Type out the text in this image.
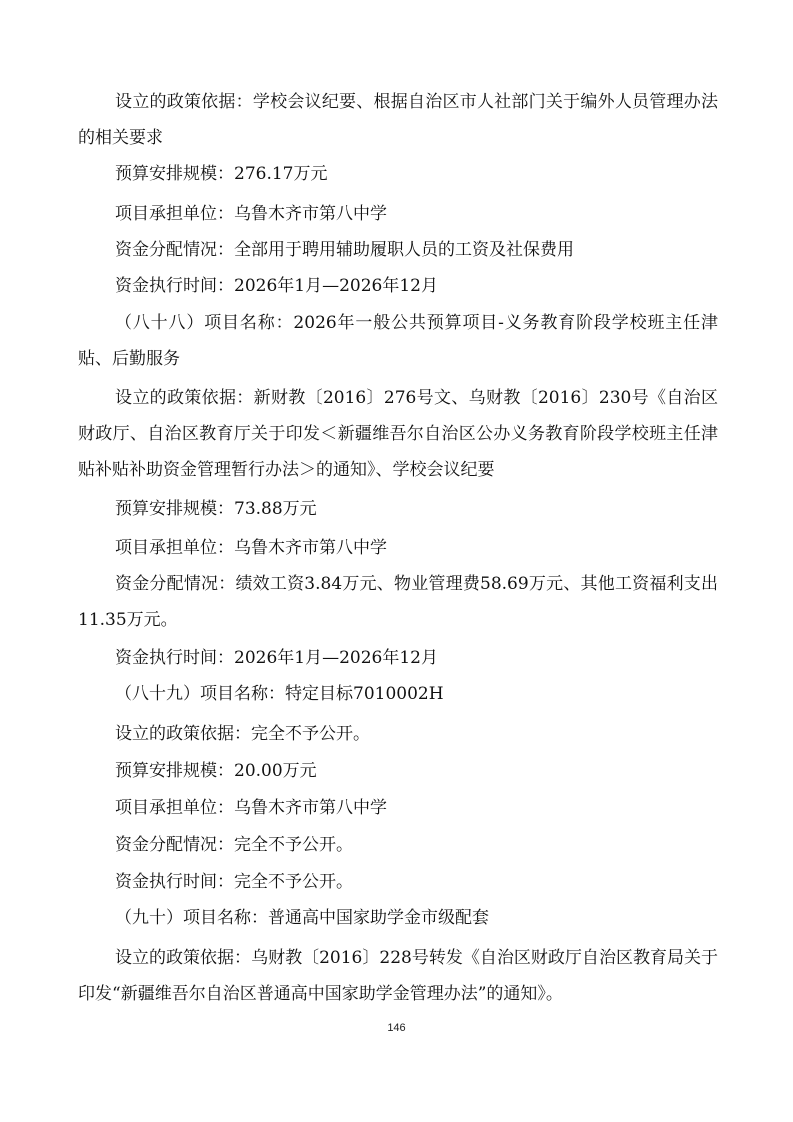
设立的政策依据：学校会议纪要、根据自治区市人社部门关于编外人员管理办法的相关要求

预算安排规模：276.17万元

项目承担单位：乌鲁木齐市第八中学

资金分配情况：全部用于聘用辅助履职人员的工资及社保费用

资金执行时间：2026年1月—2026年12月

（八十八）项目名称：2026年一般公共预算项目-义务教育阶段学校班主任津贴、后勤服务

设立的政策依据：新财教〔2016〕276号文、乌财教〔2016〕230号《自治区财政厅、自治区教育厅关于印发＜新疆维吾尔自治区公办义务教育阶段学校班主任津贴补贴补助资金管理暂行办法＞的通知》、学校会议纪要

预算安排规模：73.88万元

项目承担单位：乌鲁木齐市第八中学

资金分配情况：绩效工资3.84万元、物业管理费58.69万元、其他工资福利支出11.35万元。

资金执行时间：2026年1月—2026年12月

（八十九）项目名称：特定目标7010002H

设立的政策依据：完全不予公开。

预算安排规模：20.00万元

项目承担单位：乌鲁木齐市第八中学

资金分配情况：完全不予公开。

资金执行时间：完全不予公开。

（九十）项目名称：普通高中国家助学金市级配套

设立的政策依据：乌财教〔2016〕228号转发《自治区财政厅自治区教育局关于印发“新疆维吾尔自治区普通高中国家助学金管理办法”的通知》。

146
